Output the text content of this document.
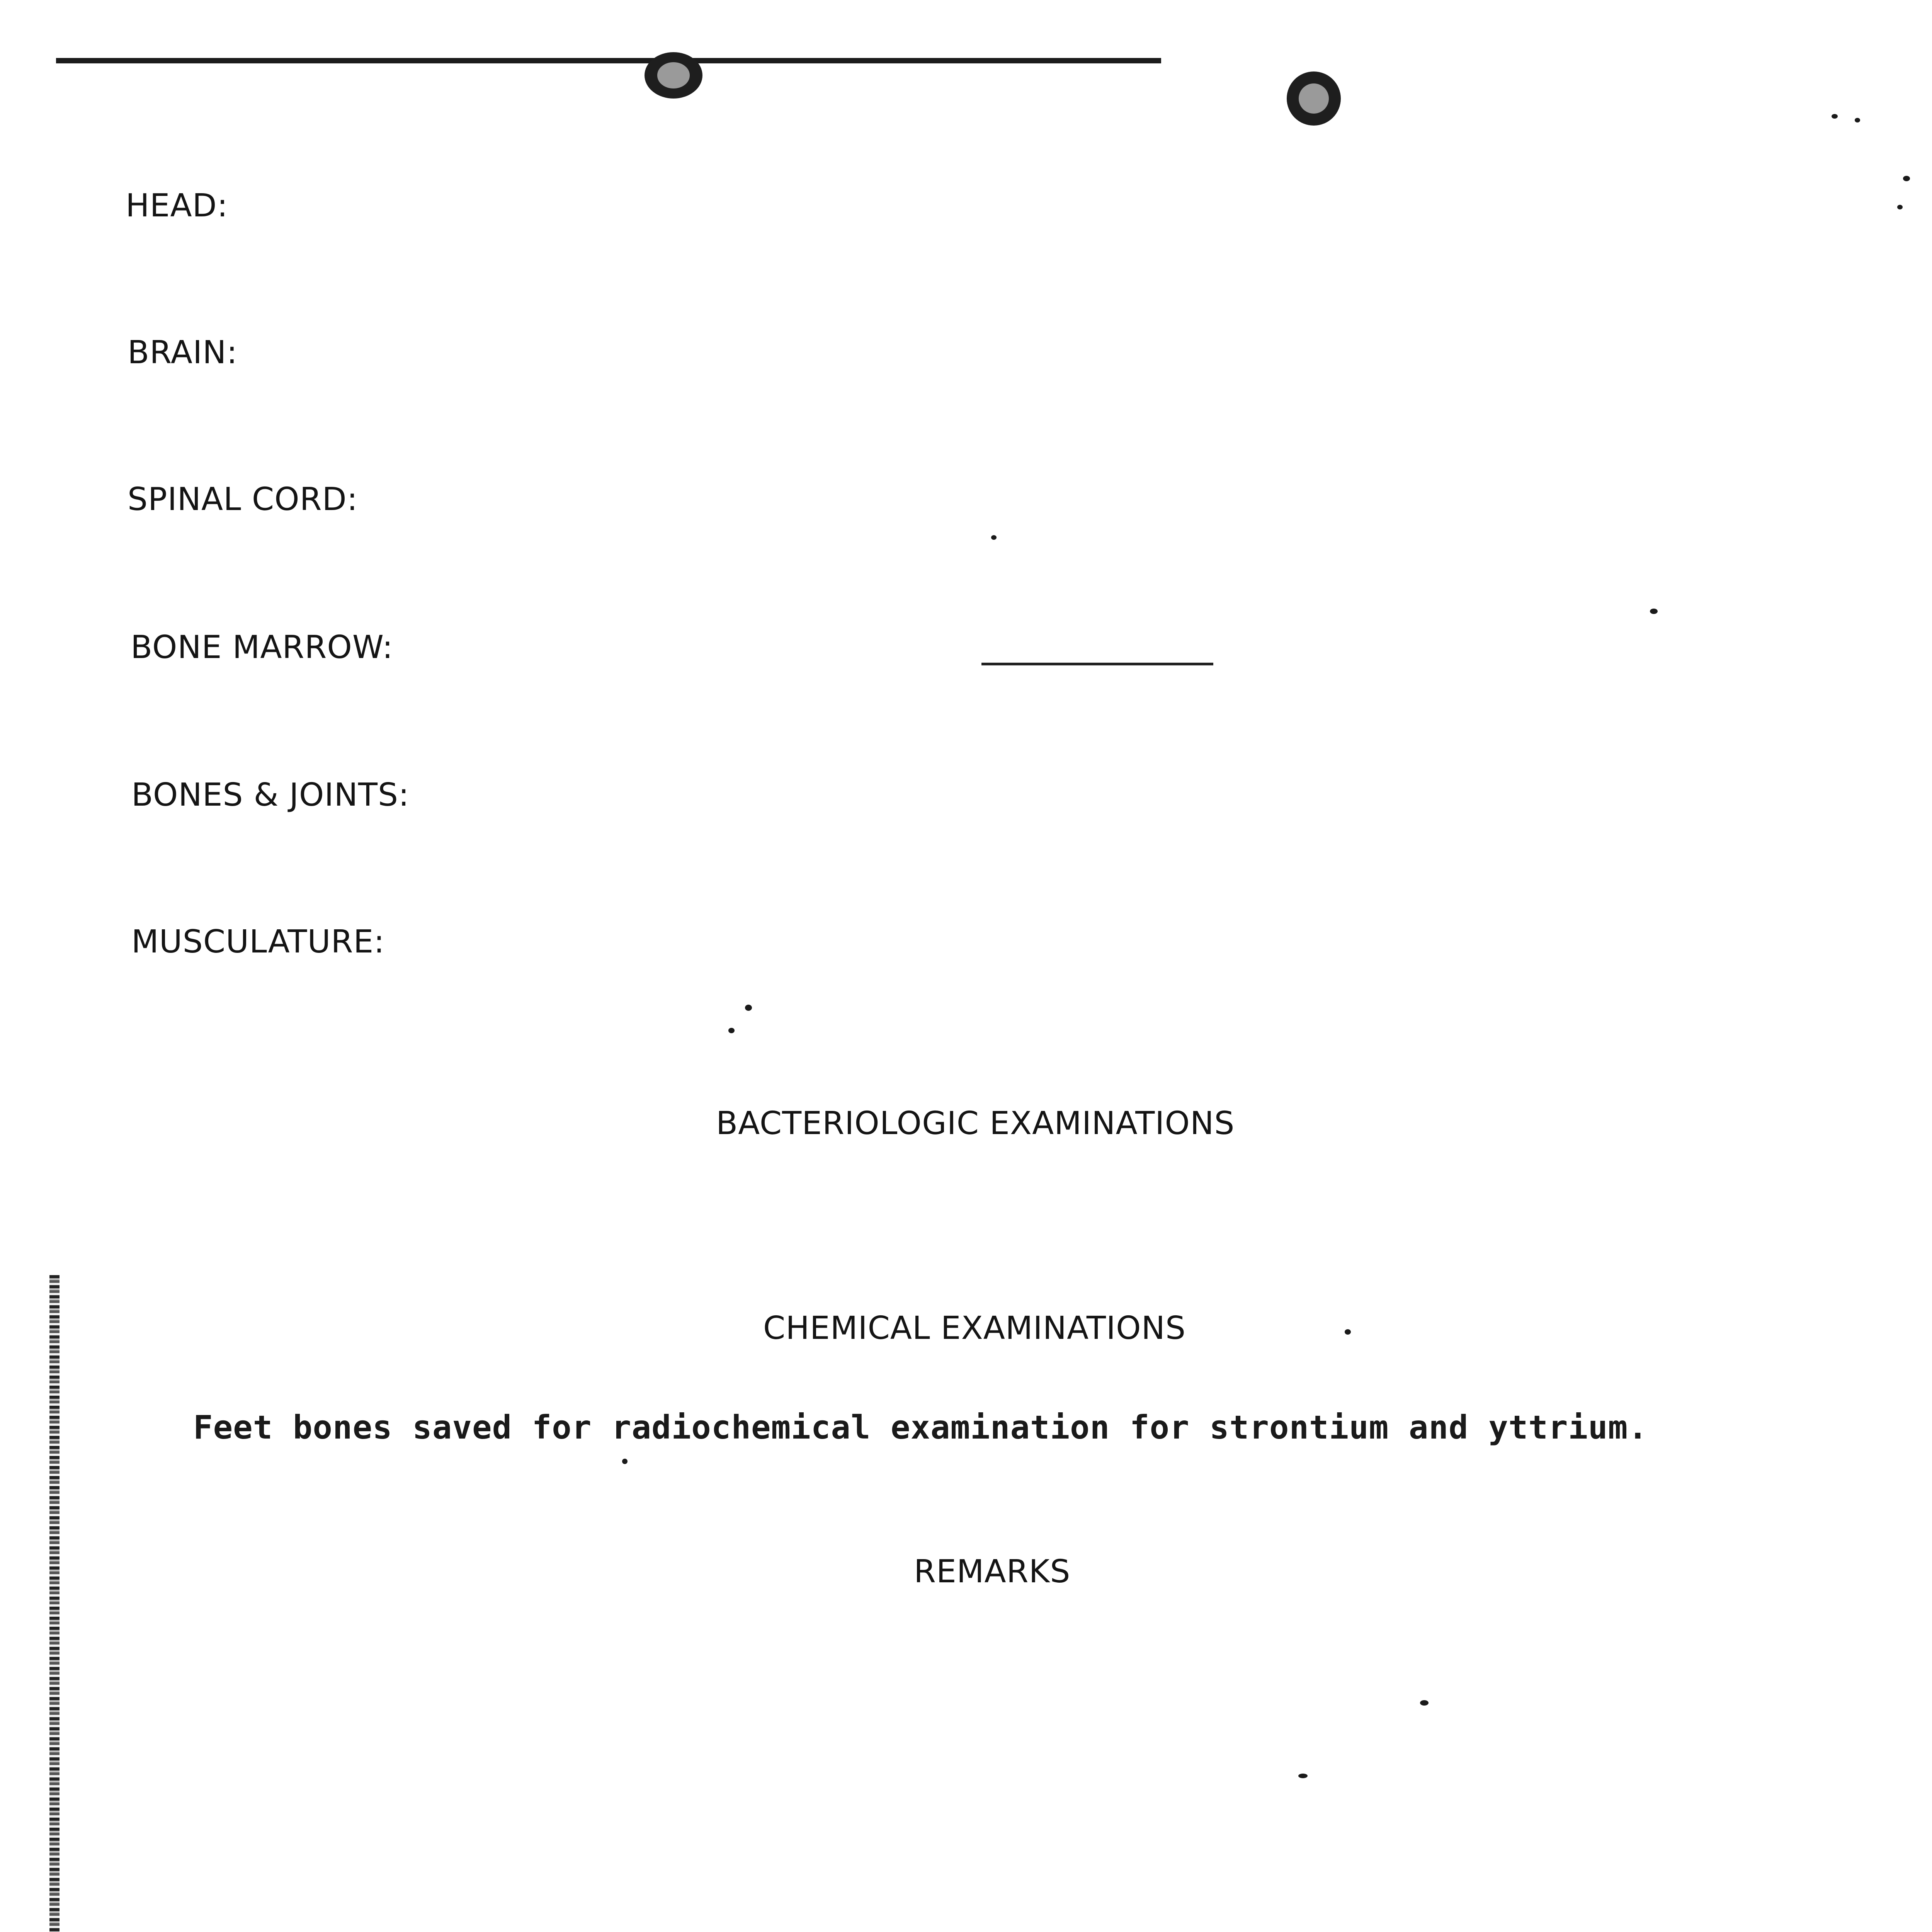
HEAD:
BRAIN:
SPINAL CORD:
BONE MARROW:
BONES & JOINTS:
MUSCULATURE:
BACTERIOLOGIC EXAMINATIONS
CHEMICAL EXAMINATIONS
Feet bones saved for radiochemical examination for strontium and yttrium.
REMARKS
